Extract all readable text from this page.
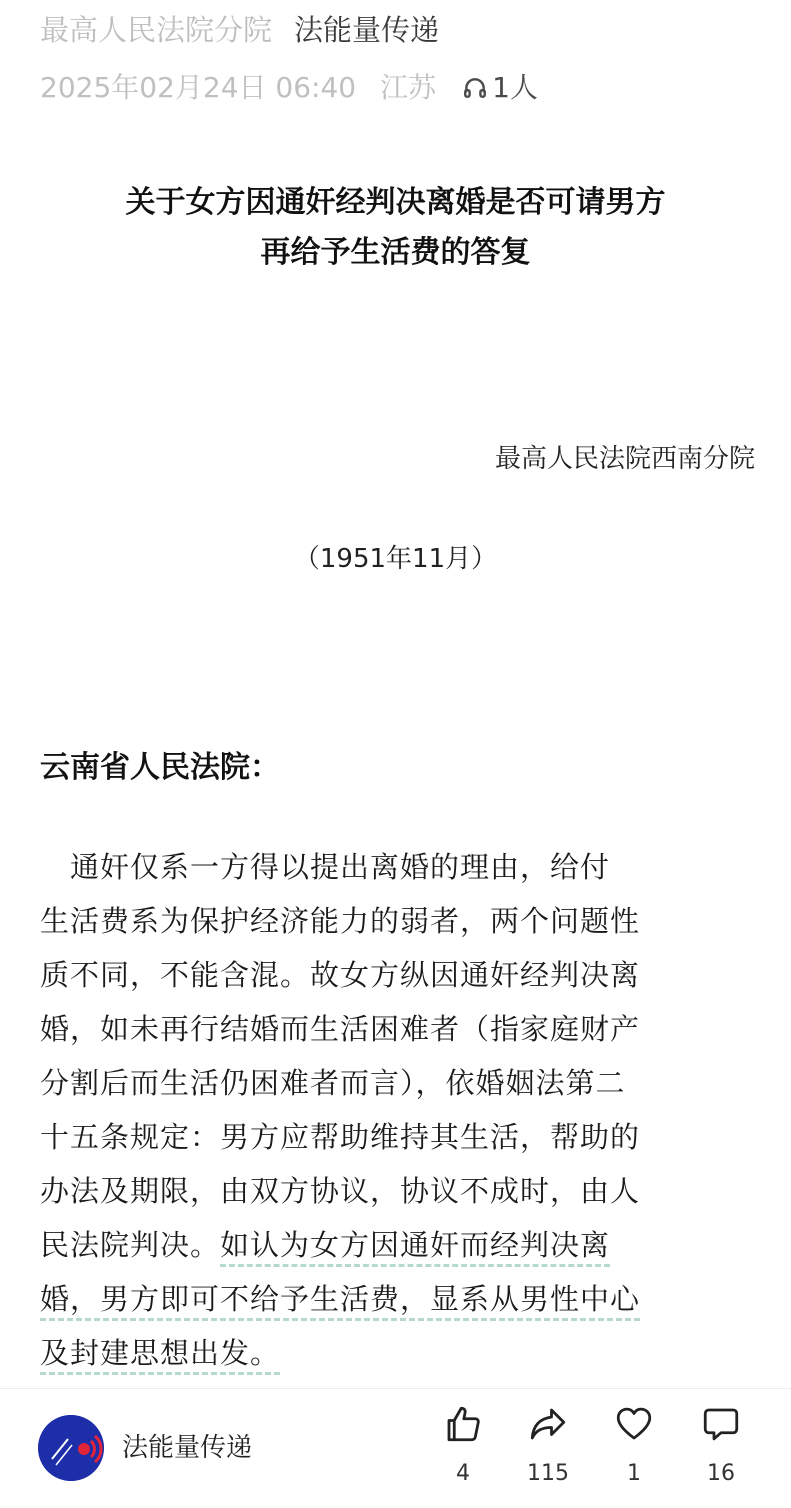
最高人民法院分院 法能量传递
2025年02月24日 06:40 江苏 1人
关于女方因通奸经判决离婚是否可请男方
再给予生活费的答复
最高人民法院西南分院
（1951年11月）
云南省人民法院：
　通奸仅系一方得以提出离婚的理由，给付
生活费系为保护经济能力的弱者，两个问题性
质不同，不能含混。故女方纵因通奸经判决离
婚，如未再行结婚而生活困难者（指家庭财产
分割后而生活仍困难者而言），依婚姻法第二
十五条规定：男方应帮助维持其生活，帮助的
办法及期限，由双方协议，协议不成时，由人
民法院判决。如认为女方因通奸而经判决离
婚，男方即可不给予生活费，显系从男性中心
及封建思想出发。
法能量传递
4	115	1	16
